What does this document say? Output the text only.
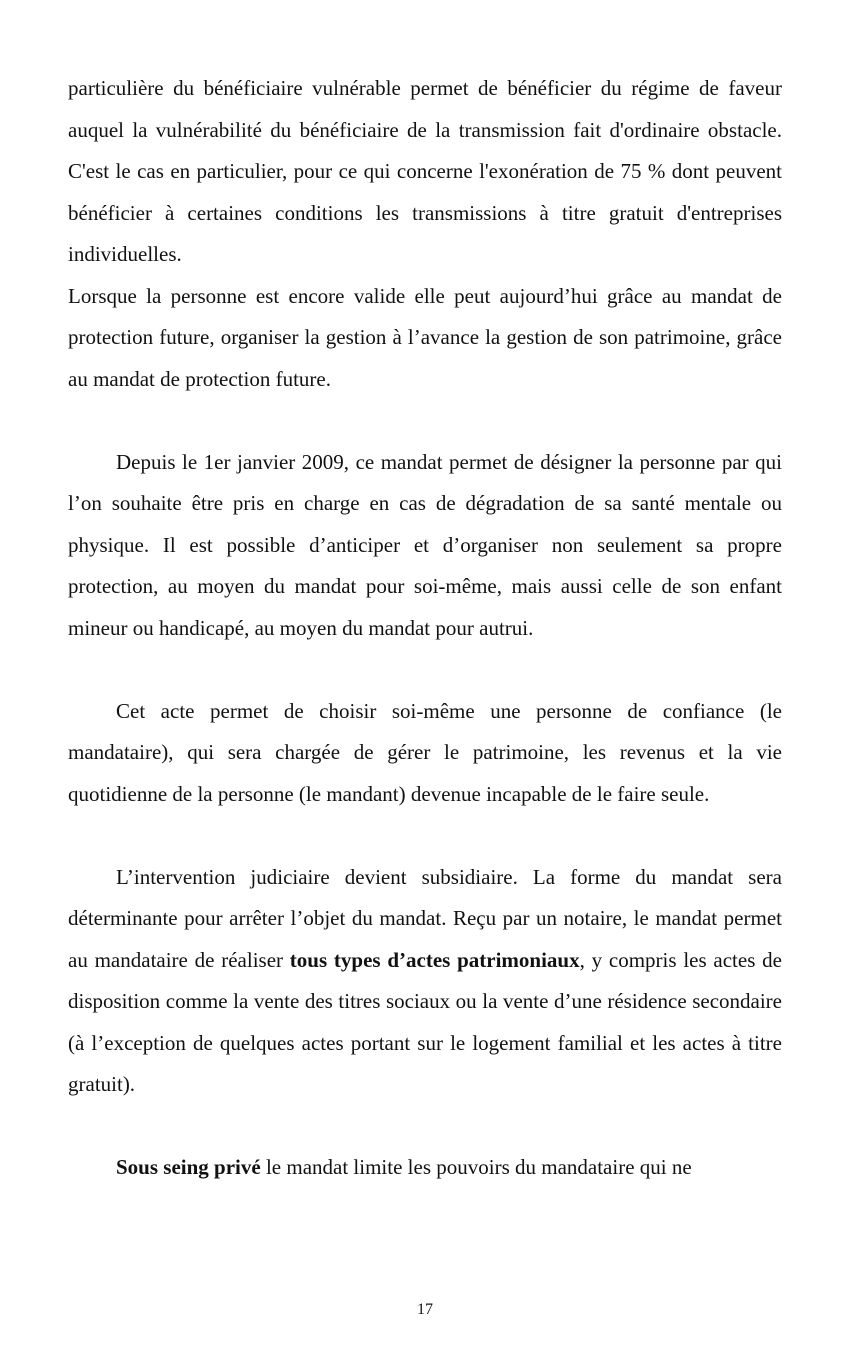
particulière du bénéficiaire vulnérable permet de bénéficier du régime de faveur auquel la vulnérabilité du bénéficiaire de la transmission fait d'ordinaire obstacle. C'est le cas en particulier, pour ce qui concerne l'exonération de 75 % dont peuvent bénéficier à certaines conditions les transmissions à titre gratuit d'entreprises individuelles.

Lorsque la personne est encore valide elle peut aujourd’hui grâce au mandat de protection future, organiser la gestion à l’avance la gestion de son patrimoine, grâce au mandat de protection future.

Depuis le 1er janvier 2009, ce mandat permet de désigner la personne par qui l’on souhaite être pris en charge en cas de dégradation de sa santé mentale ou physique. Il est possible d’anticiper et d’organiser non seulement sa propre protection, au moyen du mandat pour soi-même, mais aussi celle de son enfant mineur ou handicapé, au moyen du mandat pour autrui.

Cet acte permet de choisir soi-même une personne de confiance (le mandataire), qui sera chargée de gérer le patrimoine, les revenus et la vie quotidienne de la personne (le mandant) devenue incapable de le faire seule.

L’intervention judiciaire devient subsidiaire. La forme du mandat sera déterminante pour arrêter l’objet du mandat. Reçu par un notaire, le mandat permet au mandataire de réaliser tous types d’actes patrimoniaux, y compris les actes de disposition comme la vente des titres sociaux ou la vente d’une résidence secondaire (à l’exception de quelques actes portant sur le logement familial et les actes à titre gratuit).

Sous seing privé le mandat limite les pouvoirs du mandataire qui ne

17
